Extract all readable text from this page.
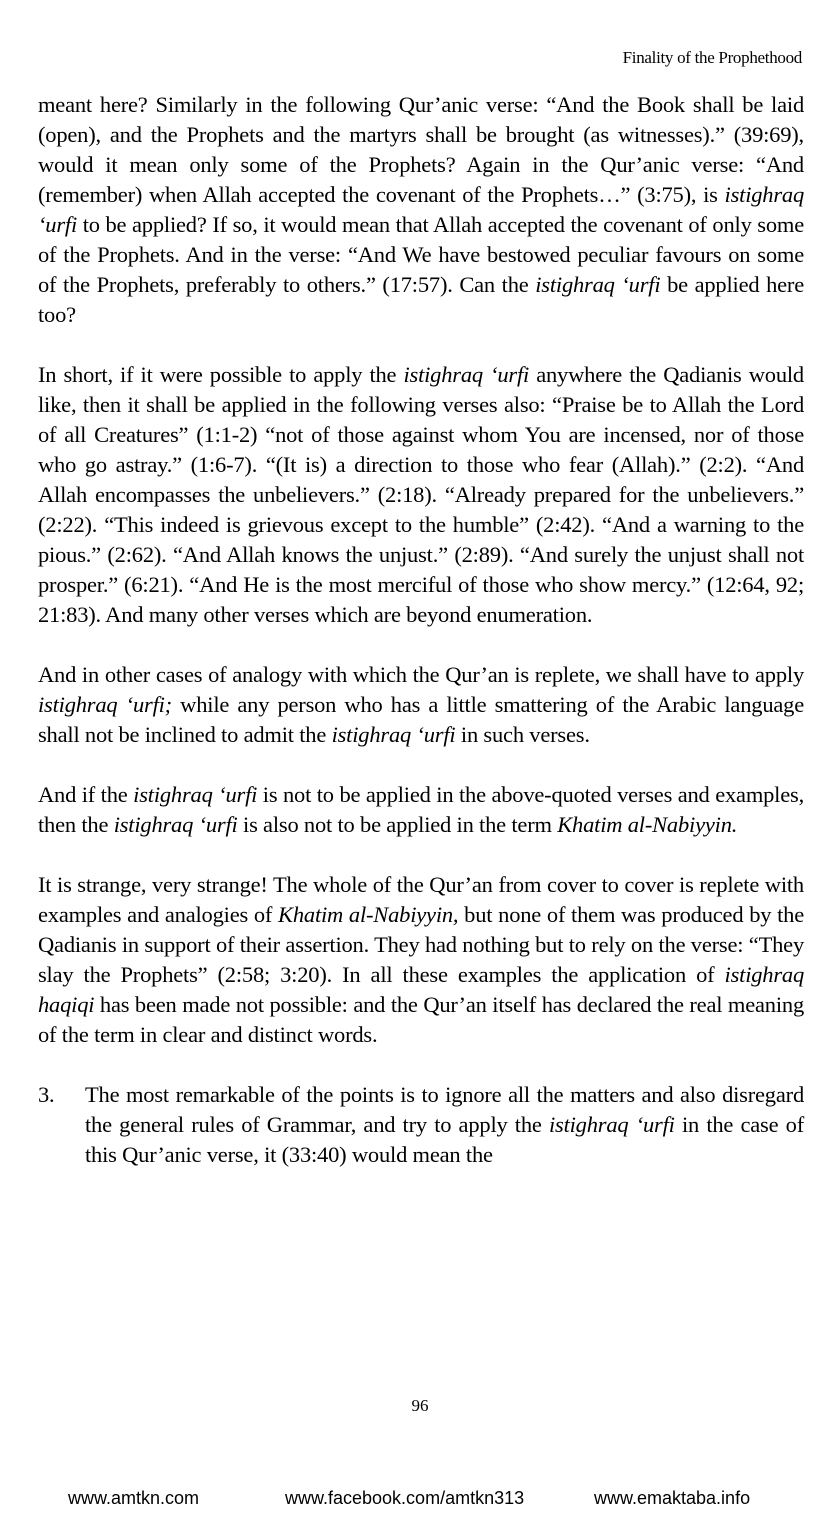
Finality of the Prophethood

meant here? Similarly in the following Qur’anic verse: “And the Book shall be laid (open), and the Prophets and the martyrs shall be brought (as witnesses).” (39:69), would it mean only some of the Prophets? Again in the Qur’anic verse: “And (remember) when Allah accepted the covenant of the Prophets…” (3:75), is istighraq ‘urfi to be applied? If so, it would mean that Allah accepted the covenant of only some of the Prophets. And in the verse: “And We have bestowed peculiar favours on some of the Prophets, preferably to others.” (17:57). Can the istighraq ‘urfi be applied here too?

In short, if it were possible to apply the istighraq ‘urfi anywhere the Qadianis would like, then it shall be applied in the following verses also: “Praise be to Allah the Lord of all Creatures” (1:1-2) “not of those against whom You are incensed, nor of those who go astray.” (1:6-7). “(It is) a direction to those who fear (Allah).” (2:2). “And Allah encompasses the unbelievers.” (2:18). “Already prepared for the unbelievers.” (2:22). “This indeed is grievous except to the humble” (2:42). “And a warning to the pious.” (2:62). “And Allah knows the unjust.” (2:89). “And surely the unjust shall not prosper.” (6:21). “And He is the most merciful of those who show mercy.” (12:64, 92; 21:83). And many other verses which are beyond enumeration.

And in other cases of analogy with which the Qur’an is replete, we shall have to apply istighraq ‘urfi; while any person who has a little smattering of the Arabic language shall not be inclined to admit the istighraq ‘urfi in such verses.

And if the istighraq ‘urfi is not to be applied in the above-quoted verses and examples, then the istighraq ‘urfi is also not to be applied in the term Khatim al-Nabiyyin.

It is strange, very strange! The whole of the Qur’an from cover to cover is replete with examples and analogies of Khatim al-Nabiyyin, but none of them was produced by the Qadianis in support of their assertion. They had nothing but to rely on the verse: “They slay the Prophets” (2:58; 3:20). In all these examples the application of istighraq haqiqi has been made not possible: and the Qur’an itself has declared the real meaning of the term in clear and distinct words.

3.	The most remarkable of the points is to ignore all the matters and also disregard the general rules of Grammar, and try to apply the istighraq ‘urfi in the case of this Qur’anic verse, it (33:40) would mean the
96
www.amtkn.com	www.facebook.com/amtkn313	www.emaktaba.info
